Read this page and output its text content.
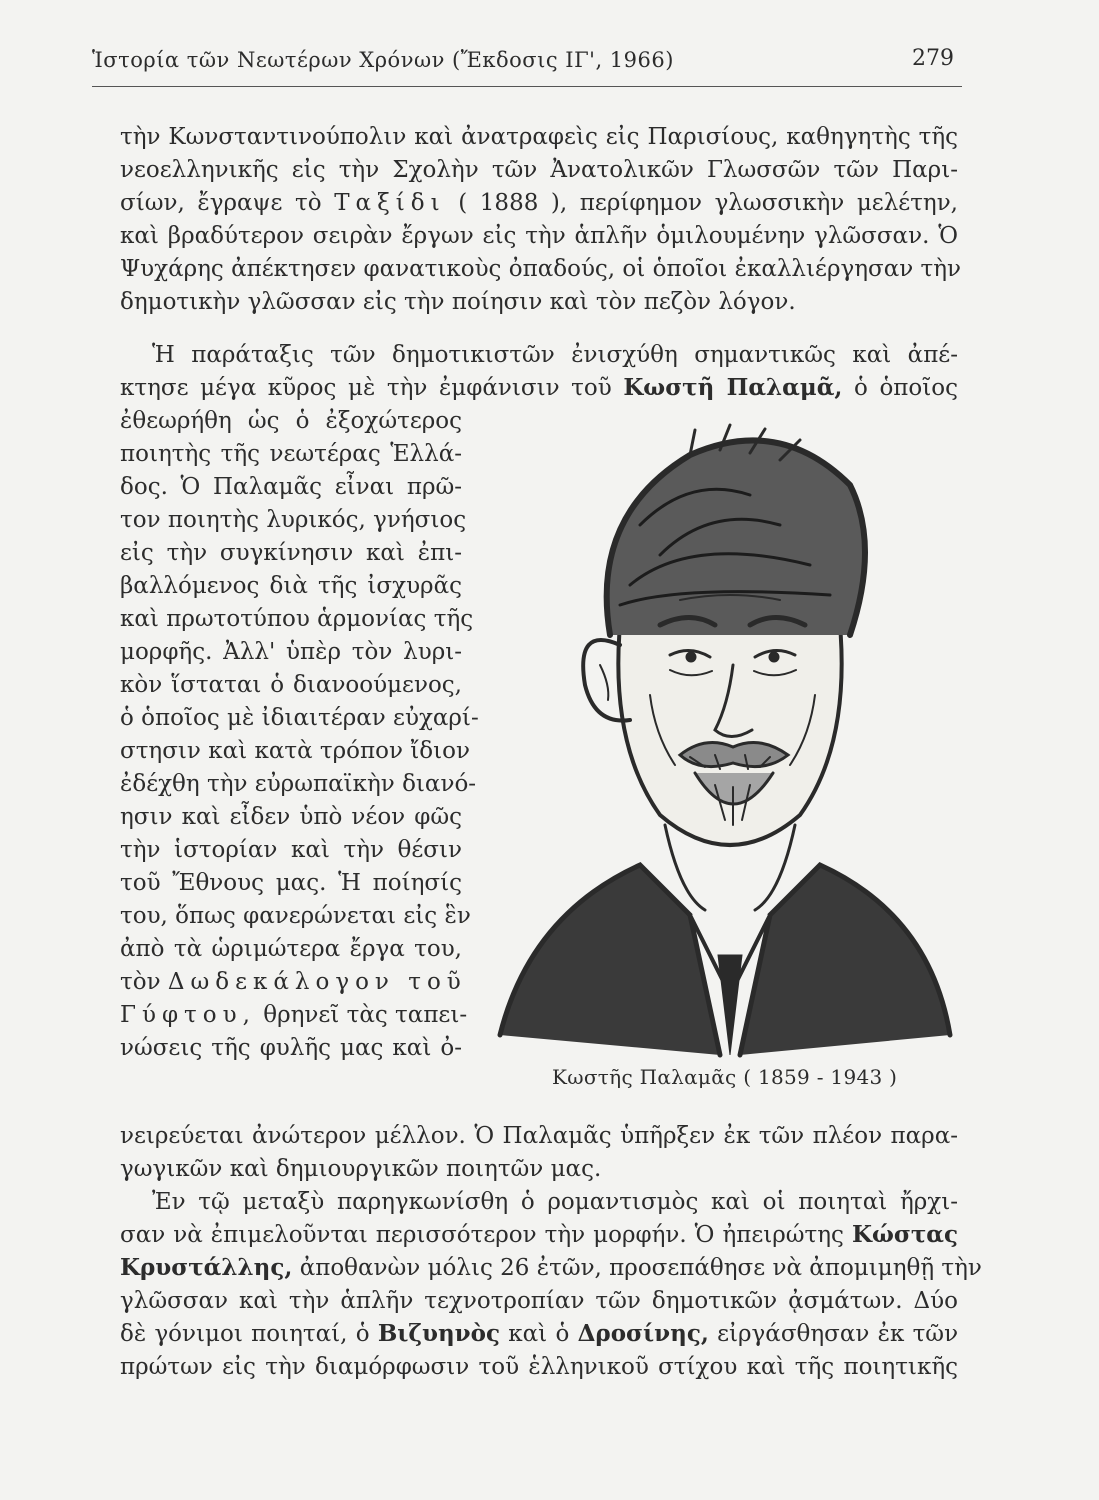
Ἱστορία τῶν Νεωτέρων Χρόνων (Ἔκδοσις ΙΓ', 1966)	279
τὴν Κωνσταντινούπολιν καὶ ἀνατραφεὶς εἰς Παρισίους, καθηγητὴς τῆς
νεοελληνικῆς εἰς τὴν Σχολὴν τῶν Ἀνατολικῶν Γλωσσῶν τῶν Παρι-
σίων, ἔγραψε τὸ Ταξίδι ( 1888 ), περίφημον γλωσσικὴν μελέτην,
καὶ βραδύτερον σειρὰν ἔργων εἰς τὴν ἁπλῆν ὁμιλουμένην γλῶσσαν. Ὁ
Ψυχάρης ἀπέκτησεν φανατικοὺς ὀπαδούς, οἱ ὁποῖοι ἐκαλλιέργησαν τὴν
δημοτικὴν γλῶσσαν εἰς τὴν ποίησιν καὶ τὸν πεζὸν λόγον.
Ἡ παράταξις τῶν δημοτικιστῶν ἐνισχύθη σημαντικῶς καὶ ἀπέ-
κτησε μέγα κῦρος μὲ τὴν ἐμφάνισιν τοῦ Κωστῆ Παλαμᾶ, ὁ ὁποῖος
ἐθεωρήθη ὡς ὁ ἐξοχώτερος
ποιητὴς τῆς νεωτέρας Ἑλλά-
δος. Ὁ Παλαμᾶς εἶναι πρῶ-
τον ποιητὴς λυρικός, γνήσιος
εἰς τὴν συγκίνησιν καὶ ἐπι-
βαλλόμενος διὰ τῆς ἰσχυρᾶς
καὶ πρωτοτύπου ἁρμονίας τῆς
μορφῆς. Ἀλλ' ὑπὲρ τὸν λυρι-
κὸν ἵσταται ὁ διανοούμενος,
ὁ ὁποῖος μὲ ἰδιαιτέραν εὐχαρί-
στησιν καὶ κατὰ τρόπον ἴδιον
ἐδέχθη τὴν εὐρωπαϊκὴν διανό-
ησιν καὶ εἶδεν ὑπὸ νέον φῶς
τὴν ἱστορίαν καὶ τὴν θέσιν
τοῦ Ἔθνους μας. Ἡ ποίησίς
του, ὅπως φανερώνεται εἰς ἓν
ἀπὸ τὰ ὡριμώτερα ἔργα του,
τὸν Δωδεκάλογον τοῦ
Γύφτου, θρηνεῖ τὰς ταπει-
νώσεις τῆς φυλῆς μας καὶ ὀ-
νειρεύεται ἀνώτερον μέλλον. Ὁ Παλαμᾶς ὑπῆρξεν ἐκ τῶν πλέον παρα-
γωγικῶν καὶ δημιουργικῶν ποιητῶν μας.
Ἐν τῷ μεταξὺ παρηγκωνίσθη ὁ ρομαντισμὸς καὶ οἱ ποιηταὶ ἤρχι-
σαν νὰ ἐπιμελοῦνται περισσότερον τὴν μορφήν. Ὁ ἠπειρώτης Κώστας
Κρυστάλλης, ἀποθανὼν μόλις 26 ἐτῶν, προσεπάθησε νὰ ἀπομιμηθῇ τὴν
γλῶσσαν καὶ τὴν ἁπλῆν τεχνοτροπίαν τῶν δημοτικῶν ᾀσμάτων. Δύο
δὲ γόνιμοι ποιηταί, ὁ Βιζυηνὸς καὶ ὁ Δροσίνης, εἰργάσθησαν ἐκ τῶν
πρώτων εἰς τὴν διαμόρφωσιν τοῦ ἑλληνικοῦ στίχου καὶ τῆς ποιητικῆς
Κωστῆς Παλαμᾶς ( 1859 - 1943 )
